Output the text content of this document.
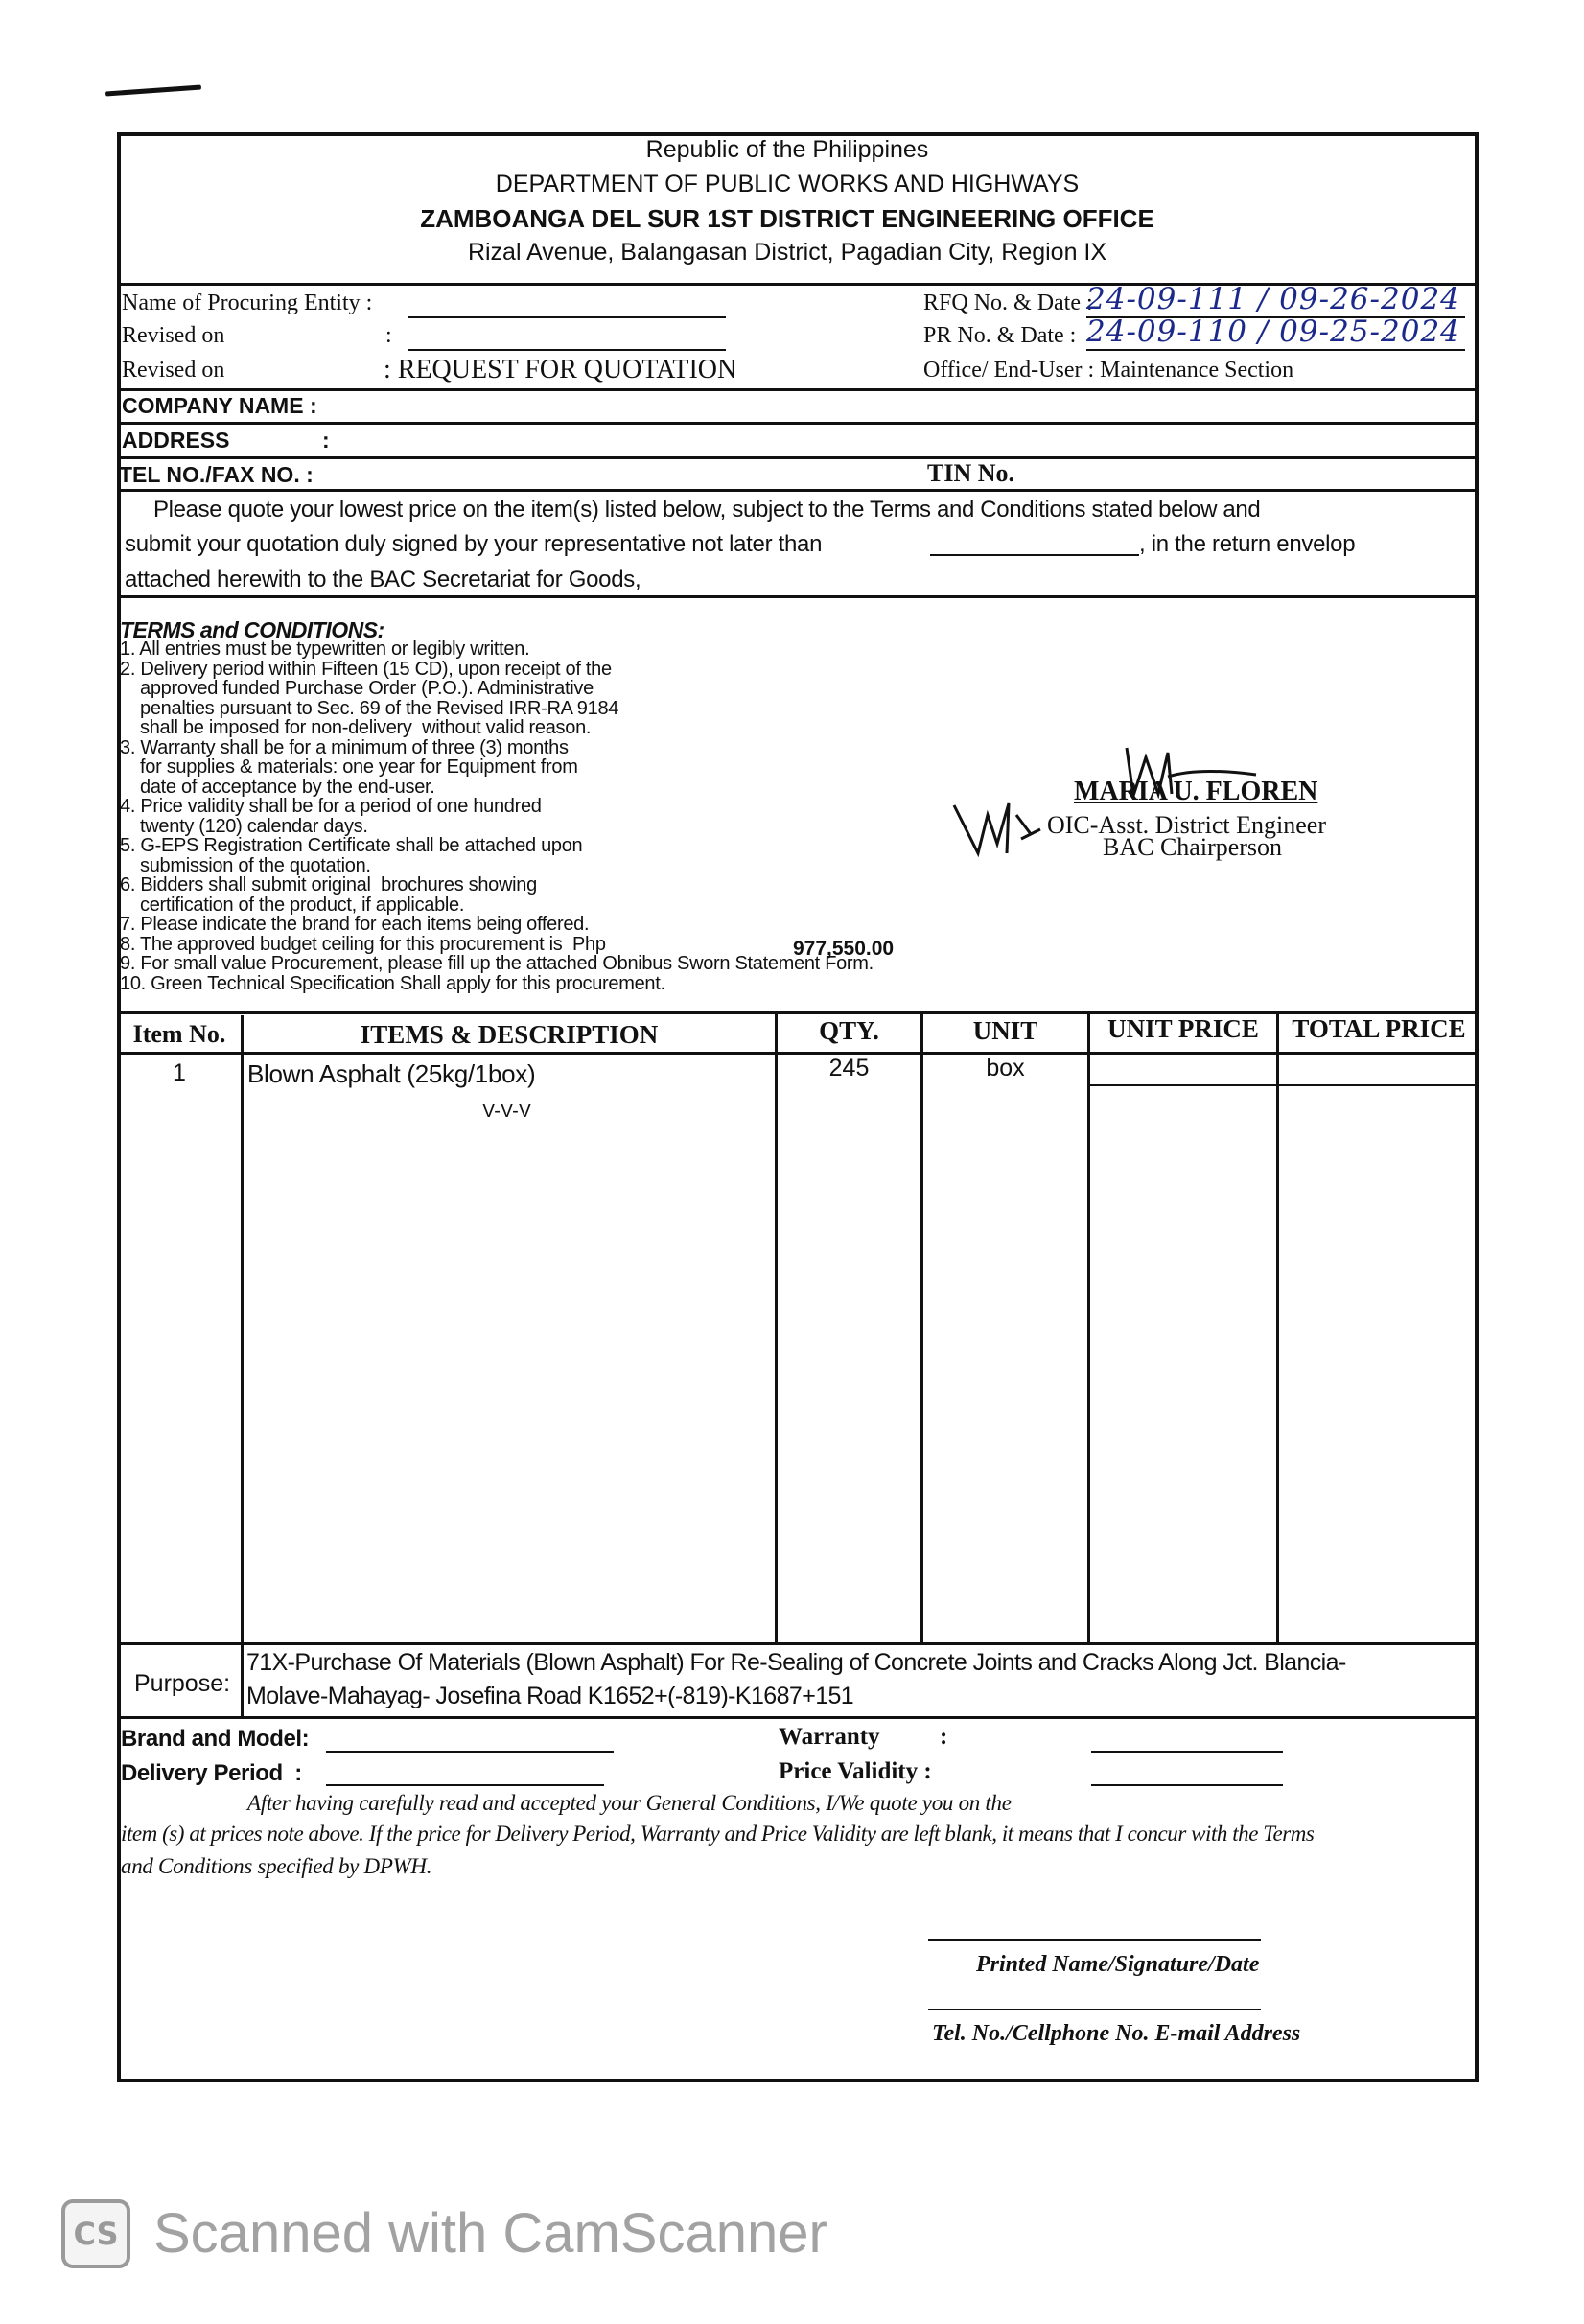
Republic of the Philippines
DEPARTMENT OF PUBLIC WORKS AND HIGHWAYS
ZAMBOANGA DEL SUR 1ST DISTRICT ENGINEERING OFFICE
Rizal Avenue, Balangasan District, Pagadian City, Region IX
Name of Procuring Entity :
Revised on	:
Revised on	: REQUEST FOR QUOTATION
RFQ No. & Date :
24-09-111 / 09-26-2024
PR No. & Date : 24-09-110 / 09-25-2024
Office/ End-User : Maintenance Section
COMPANY NAME :
ADDRESS	:
TEL NO./FAX NO. :	TIN No.
Please quote your lowest price on the item(s) listed below, subject to the Terms and Conditions stated below and
submit your quotation duly signed by your representative not later than	, in the return envelop
attached herewith to the BAC Secretariat for Goods,
TERMS and CONDITIONS:
1. All entries must be typewritten or legibly written.
2. Delivery period within Fifteen (15 CD), upon receipt of the
approved funded Purchase Order (P.O.). Administrative
penalties pursuant to Sec. 69 of the Revised IRR-RA 9184
shall be imposed for non-delivery  without valid reason.
3. Warranty shall be for a minimum of three (3) months
for supplies & materials: one year for Equipment from
date of acceptance by the end-user.
4. Price validity shall be for a period of one hundred
twenty (120) calendar days.
5. G-EPS Registration Certificate shall be attached upon
submission of the quotation.
6. Bidders shall submit original  brochures showing
certification of the product, if applicable.
7. Please indicate the brand for each items being offered.
8. The approved budget ceiling for this procurement is  Php
9. For small value Procurement, please fill up the attached Obnibus Sworn Statement Form.
10. Green Technical Specification Shall apply for this procurement.
977,550.00
MARIA U. FLOREN
OIC-Asst. District Engineer
BAC Chairperson
Item No.	ITEMS & DESCRIPTION	QTY.	UNIT	UNIT PRICE	TOTAL PRICE
1	Blown Asphalt (25kg/1box)	245	box
V-V-V
Purpose:
71X-Purchase Of Materials (Blown Asphalt) For Re-Sealing of Concrete Joints and Cracks Along Jct. Blancia-
Molave-Mahayag- Josefina Road K1652+(-819)-K1687+151
Brand and Model:
Delivery Period  :
Warranty :
Price Validity :
After having carefully read and accepted your General Conditions, I/We quote you on the
item (s) at prices note above. If the price for Delivery Period, Warranty and Price Validity are left blank, it means that I concur with the Terms
and Conditions specified by DPWH.
Printed Name/Signature/Date
Tel. No./Cellphone No. E-mail Address
CS Scanned with CamScanner
